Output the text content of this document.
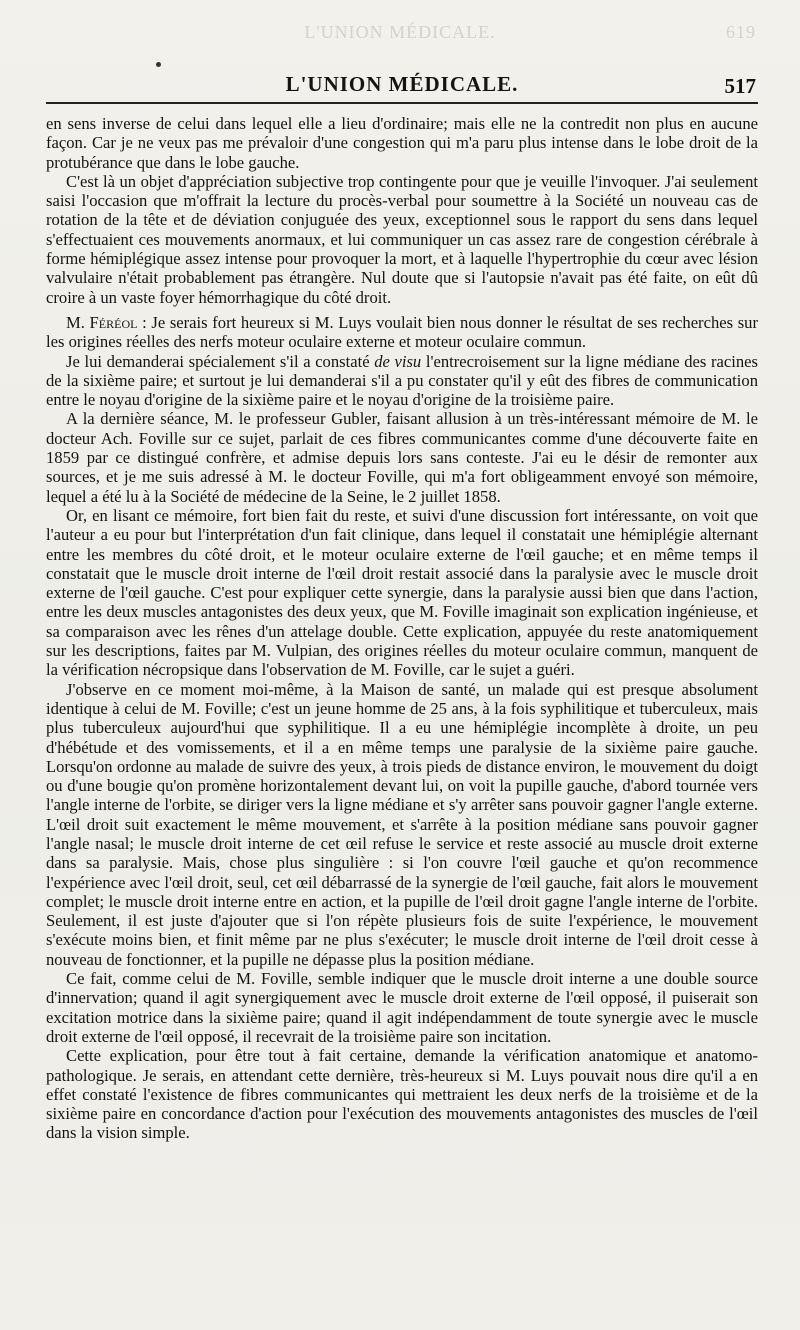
L'UNION MÉDICALE.	619
L'UNION MÉDICALE.	517

en sens inverse de celui dans lequel elle a lieu d'ordinaire; mais elle ne la contredit non plus en aucune façon. Car je ne veux pas me prévaloir d'une congestion qui m'a paru plus intense dans le lobe droit de la protubérance que dans le lobe gauche.

C'est là un objet d'appréciation subjective trop contingente pour que je veuille l'invoquer. J'ai seulement saisi l'occasion que m'offrait la lecture du procès-verbal pour soumettre à la Société un nouveau cas de rotation de la tête et de déviation conjuguée des yeux, exceptionnel sous le rapport du sens dans lequel s'effectuaient ces mouvements anormaux, et lui communiquer un cas assez rare de congestion cérébrale à forme hémiplégique assez intense pour provoquer la mort, et à laquelle l'hypertrophie du cœur avec lésion valvulaire n'était probablement pas étrangère. Nul doute que si l'autopsie n'avait pas été faite, on eût dû croire à un vaste foyer hémorrhagique du côté droit.

M. Féréol : Je serais fort heureux si M. Luys voulait bien nous donner le résultat de ses recherches sur les origines réelles des nerfs moteur oculaire externe et moteur oculaire commun.

Je lui demanderai spécialement s'il a constaté de visu l'entrecroisement sur la ligne médiane des racines de la sixième paire; et surtout je lui demanderai s'il a pu constater qu'il y eût des fibres de communication entre le noyau d'origine de la sixième paire et le noyau d'origine de la troisième paire.

A la dernière séance, M. le professeur Gubler, faisant allusion à un très-intéressant mémoire de M. le docteur Ach. Foville sur ce sujet, parlait de ces fibres communicantes comme d'une découverte faite en 1859 par ce distingué confrère, et admise depuis lors sans conteste. J'ai eu le désir de remonter aux sources, et je me suis adressé à M. le docteur Foville, qui m'a fort obligeamment envoyé son mémoire, lequel a été lu à la Société de médecine de la Seine, le 2 juillet 1858.

Or, en lisant ce mémoire, fort bien fait du reste, et suivi d'une discussion fort intéressante, on voit que l'auteur a eu pour but l'interprétation d'un fait clinique, dans lequel il constatait une hémiplégie alternant entre les membres du côté droit, et le moteur oculaire externe de l'œil gauche; et en même temps il constatait que le muscle droit interne de l'œil droit restait associé dans la paralysie avec le muscle droit externe de l'œil gauche. C'est pour expliquer cette synergie, dans la paralysie aussi bien que dans l'action, entre les deux muscles antagonistes des deux yeux, que M. Foville imaginait son explication ingénieuse, et sa comparaison avec les rênes d'un attelage double. Cette explication, appuyée du reste anatomiquement sur les descriptions, faites par M. Vulpian, des origines réelles du moteur oculaire commun, manquent de la vérification nécropsique dans l'observation de M. Foville, car le sujet a guéri.

J'observe en ce moment moi-même, à la Maison de santé, un malade qui est presque absolument identique à celui de M. Foville; c'est un jeune homme de 25 ans, à la fois syphilitique et tuberculeux, mais plus tuberculeux aujourd'hui que syphilitique. Il a eu une hémiplégie incomplète à droite, un peu d'hébétude et des vomissements, et il a en même temps une paralysie de la sixième paire gauche. Lorsqu'on ordonne au malade de suivre des yeux, à trois pieds de distance environ, le mouvement du doigt ou d'une bougie qu'on promène horizontalement devant lui, on voit la pupille gauche, d'abord tournée vers l'angle interne de l'orbite, se diriger vers la ligne médiane et s'y arrêter sans pouvoir gagner l'angle externe. L'œil droit suit exactement le même mouvement, et s'arrête à la position médiane sans pouvoir gagner l'angle nasal; le muscle droit interne de cet œil refuse le service et reste associé au muscle droit externe dans sa paralysie. Mais, chose plus singulière : si l'on couvre l'œil gauche et qu'on recommence l'expérience avec l'œil droit, seul, cet œil débarrassé de la synergie de l'œil gauche, fait alors le mouvement complet; le muscle droit interne entre en action, et la pupille de l'œil droit gagne l'angle interne de l'orbite. Seulement, il est juste d'ajouter que si l'on répète plusieurs fois de suite l'expérience, le mouvement s'exécute moins bien, et finit même par ne plus s'exécuter; le muscle droit interne de l'œil droit cesse à nouveau de fonctionner, et la pupille ne dépasse plus la position médiane.

Ce fait, comme celui de M. Foville, semble indiquer que le muscle droit interne a une double source d'innervation; quand il agit synergiquement avec le muscle droit externe de l'œil opposé, il puiserait son excitation motrice dans la sixième paire; quand il agit indépendamment de toute synergie avec le muscle droit externe de l'œil opposé, il recevrait de la troisième paire son incitation.

Cette explication, pour être tout à fait certaine, demande la vérification anatomique et anatomo-pathologique. Je serais, en attendant cette dernière, très-heureux si M. Luys pouvait nous dire qu'il a en effet constaté l'existence de fibres communicantes qui mettraient les deux nerfs de la troisième et de la sixième paire en concordance d'action pour l'exécution des mouvements antagonistes des muscles de l'œil dans la vision simple.
